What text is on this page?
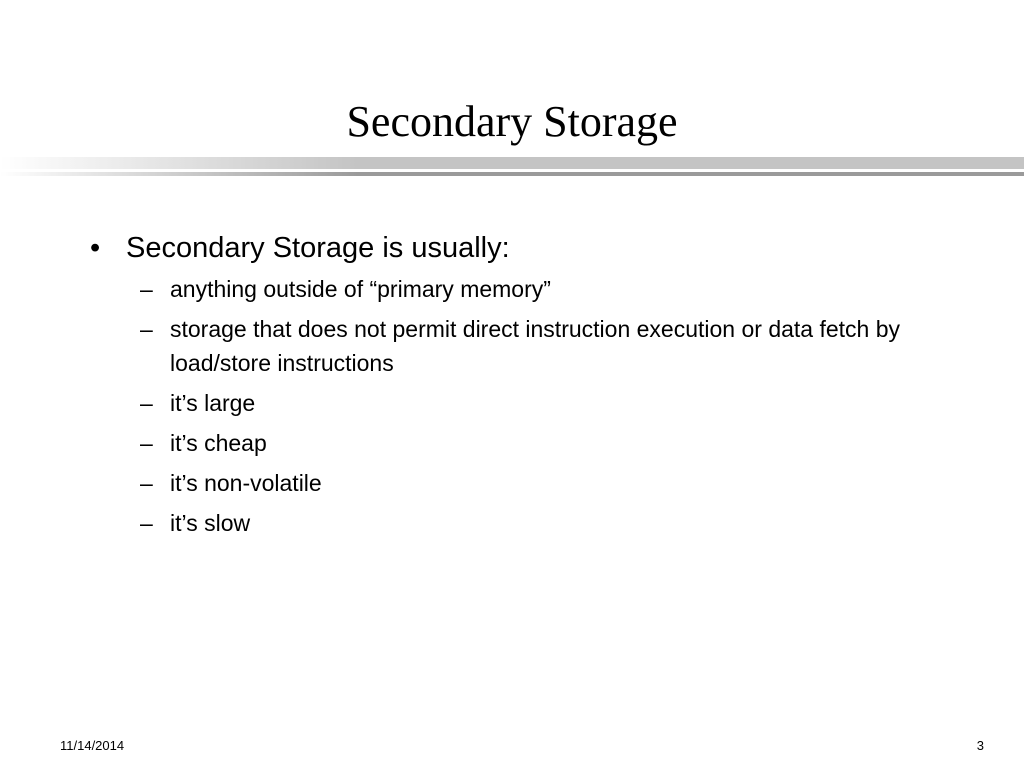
Secondary Storage
• Secondary Storage is usually:
– anything outside of “primary memory”
– storage that does not permit direct instruction execution or data fetch by load/store instructions
– it’s large
– it’s cheap
– it’s non-volatile
– it’s slow
11/14/2014	3
